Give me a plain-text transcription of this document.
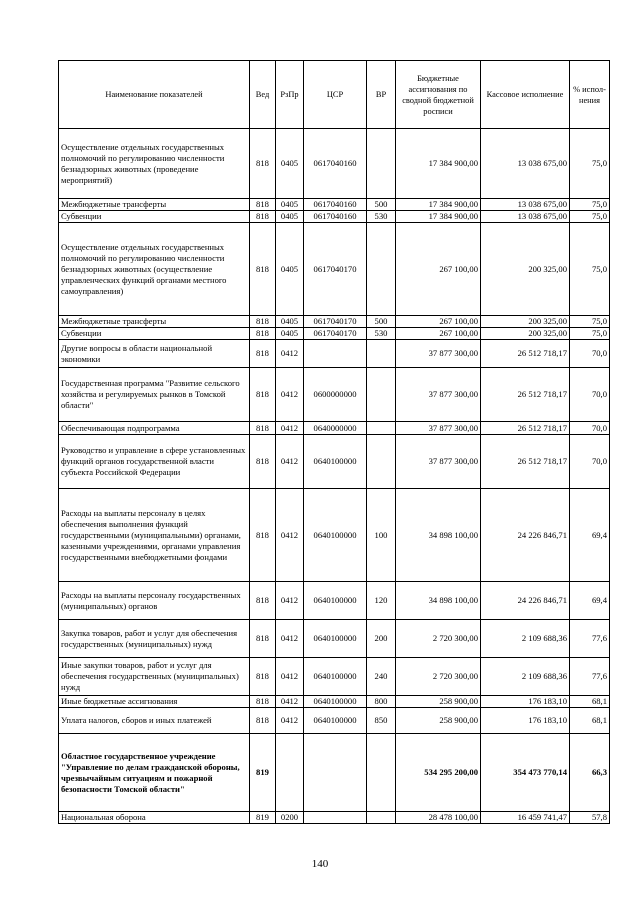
Наименование показателей	Вед	РзПр	ЦСР	ВР	Бюджетные ассигнования по сводной бюджетной росписи	Кассовое исполнение	% испол-нения
Осуществление отдельных государственных полномочий по регулированию численности безнадзорных животных (проведение мероприятий)	818	0405	0617040160		17 384 900,00	13 038 675,00	75,0
Межбюджетные трансферты	818	0405	0617040160	500	17 384 900,00	13 038 675,00	75,0
Субвенции	818	0405	0617040160	530	17 384 900,00	13 038 675,00	75,0
Осуществление отдельных государственных полномочий по регулированию численности безнадзорных животных (осуществление управленческих функций органами местного самоуправления)	818	0405	0617040170		267 100,00	200 325,00	75,0
Межбюджетные трансферты	818	0405	0617040170	500	267 100,00	200 325,00	75,0
Субвенции	818	0405	0617040170	530	267 100,00	200 325,00	75,0
Другие вопросы в области национальной экономики	818	0412			37 877 300,00	26 512 718,17	70,0
Государственная программа "Развитие сельского хозяйства и регулируемых рынков в Томской области"	818	0412	0600000000		37 877 300,00	26 512 718,17	70,0
Обеспечивающая подпрограмма	818	0412	0640000000		37 877 300,00	26 512 718,17	70,0
Руководство и управление в сфере установленных функций органов государственной власти субъекта Российской Федерации	818	0412	0640100000		37 877 300,00	26 512 718,17	70,0
Расходы на выплаты персоналу в целях обеспечения выполнения функций государственными (муниципальными) органами, казенными учреждениями, органами управления государственными внебюджетными фондами	818	0412	0640100000	100	34 898 100,00	24 226 846,71	69,4
Расходы на выплаты персоналу государственных (муниципальных) органов	818	0412	0640100000	120	34 898 100,00	24 226 846,71	69,4
Закупка товаров, работ и услуг для обеспечения государственных (муниципальных) нужд	818	0412	0640100000	200	2 720 300,00	2 109 688,36	77,6
Иные закупки товаров, работ и услуг для обеспечения государственных (муниципальных) нужд	818	0412	0640100000	240	2 720 300,00	2 109 688,36	77,6
Иные бюджетные ассигнования	818	0412	0640100000	800	258 900,00	176 183,10	68,1
Уплата налогов, сборов и иных платежей	818	0412	0640100000	850	258 900,00	176 183,10	68,1
Областное государственное учреждение "Управление по делам гражданской обороны, чрезвычайным ситуациям и пожарной безопасности Томской области"	819				534 295 200,00	354 473 770,14	66,3
Национальная оборона	819	0200			28 478 100,00	16 459 741,47	57,8
140
